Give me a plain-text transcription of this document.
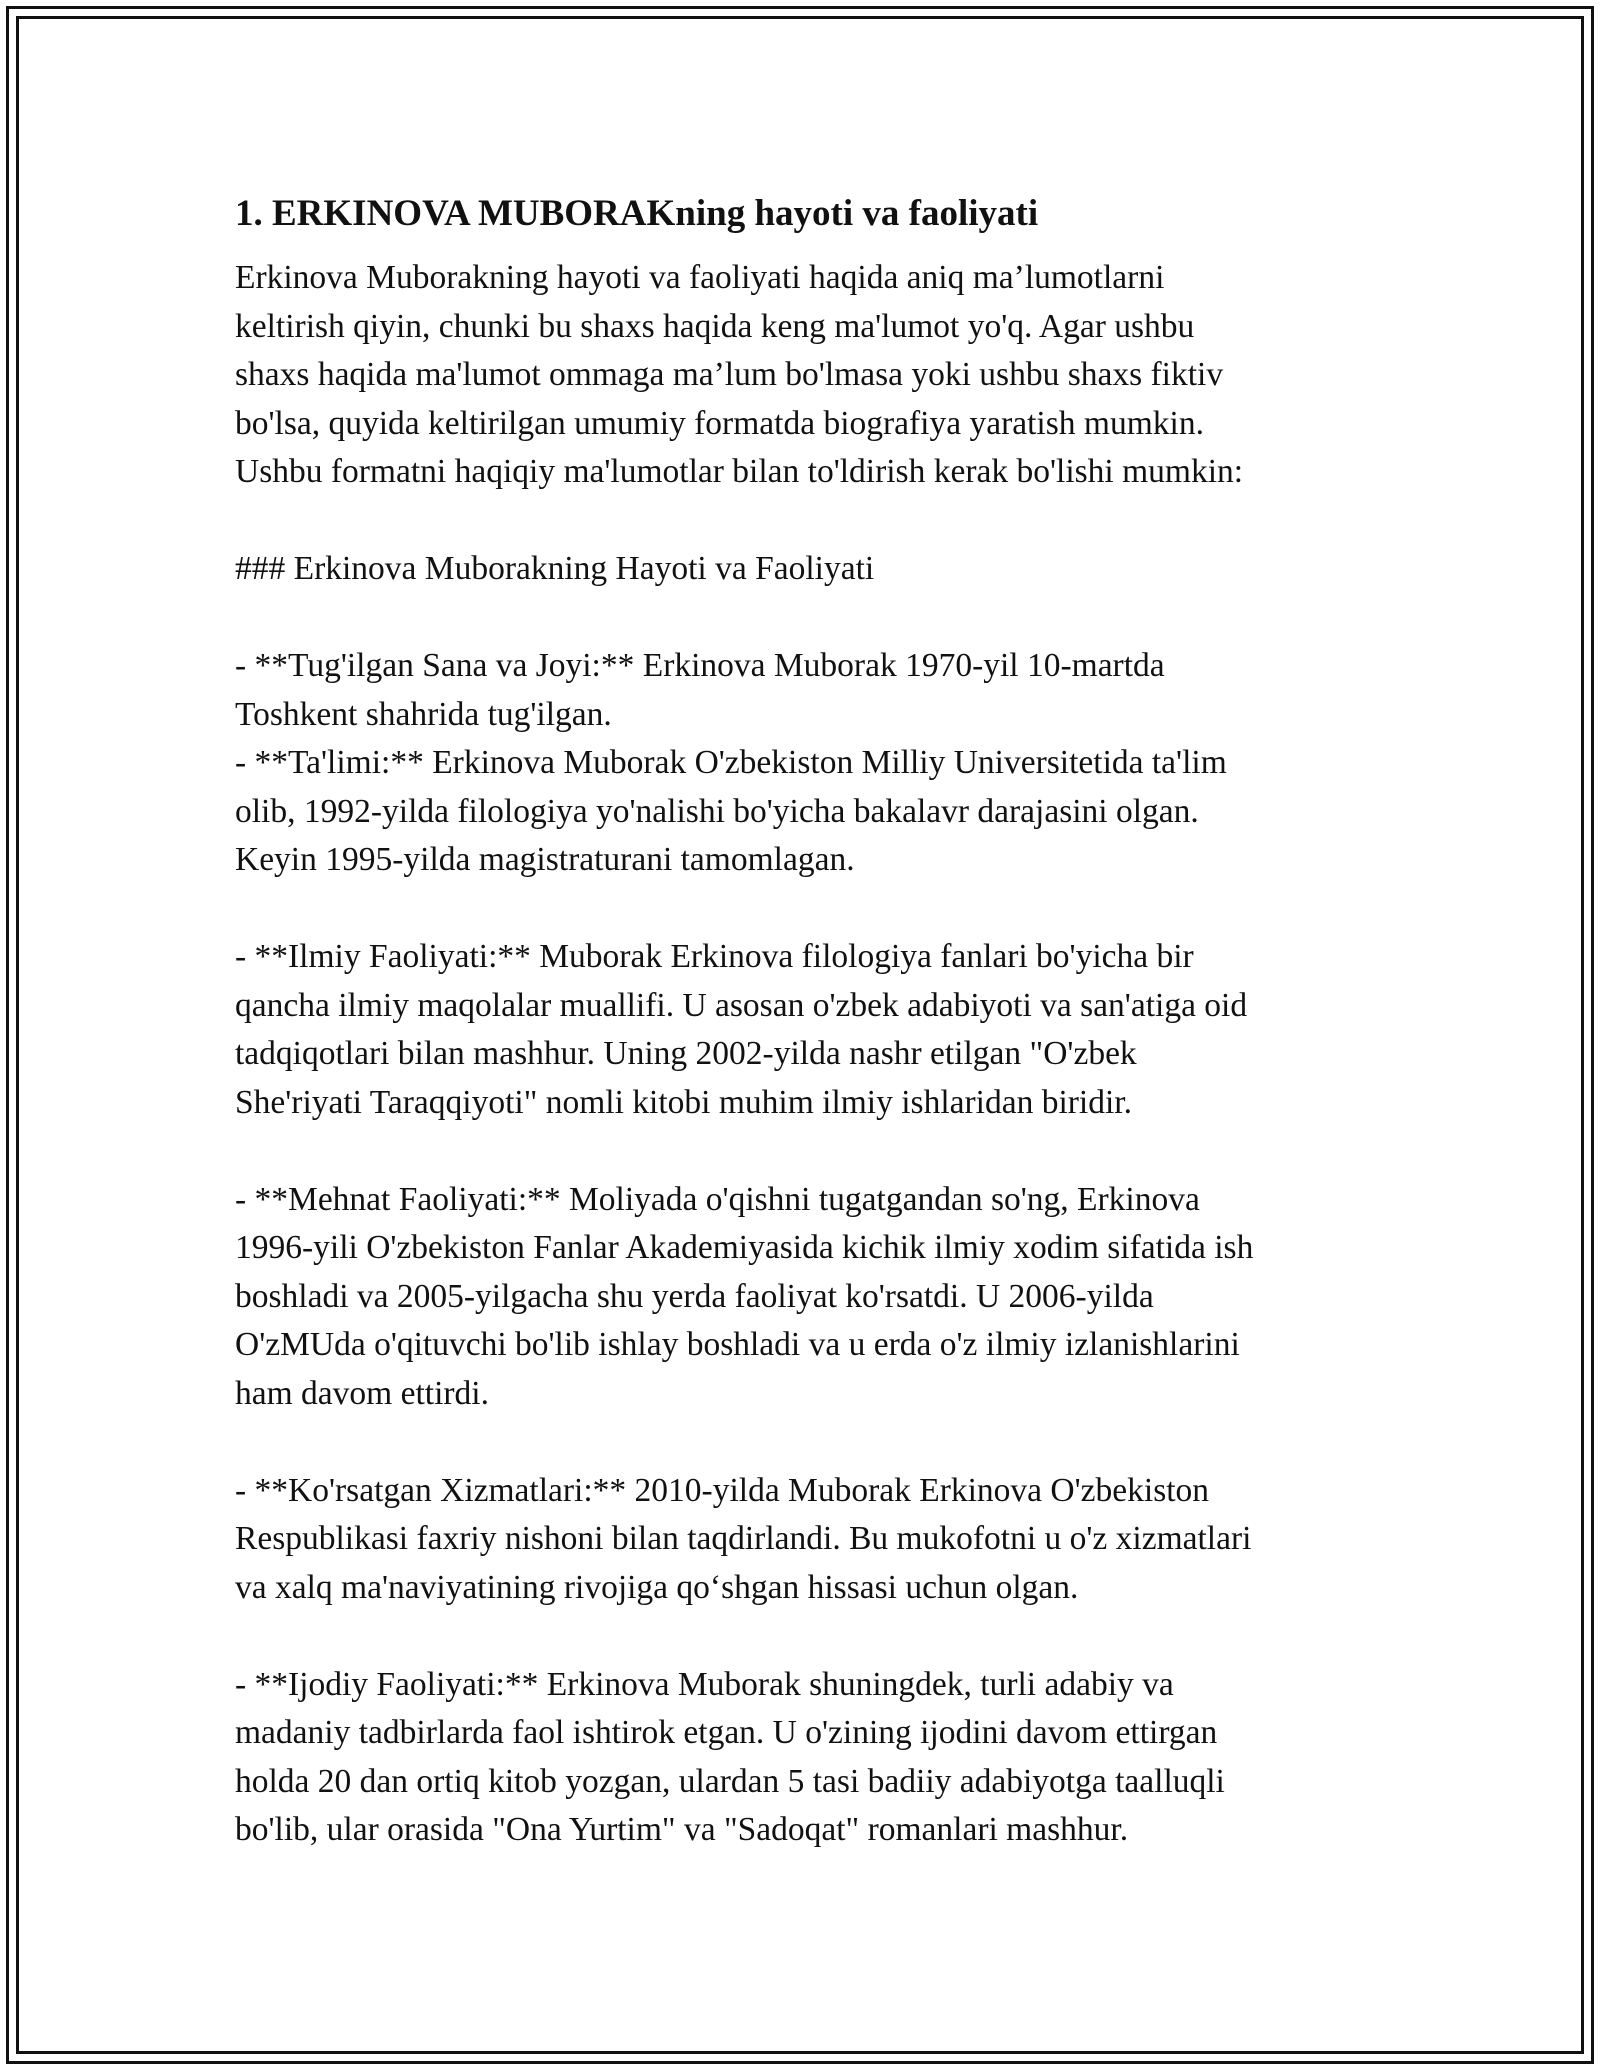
1. ERKINOVA MUBORAKning hayoti va faoliyati
Erkinova Muborakning hayoti va faoliyati haqida aniq ma’lumotlarni
keltirish qiyin, chunki bu shaxs haqida keng ma'lumot yo'q. Agar ushbu
shaxs haqida ma'lumot ommaga ma’lum bo'lmasa yoki ushbu shaxs fiktiv
bo'lsa, quyida keltirilgan umumiy formatda biografiya yaratish mumkin.
Ushbu formatni haqiqiy ma'lumotlar bilan to'ldirish kerak bo'lishi mumkin:
### Erkinova Muborakning Hayoti va Faoliyati
- **Tug'ilgan Sana va Joyi:** Erkinova Muborak 1970-yil 10-martda
Toshkent shahrida tug'ilgan.
- **Ta'limi:** Erkinova Muborak O'zbekiston Milliy Universitetida ta'lim
olib, 1992-yilda filologiya yo'nalishi bo'yicha bakalavr darajasini olgan.
Keyin 1995-yilda magistraturani tamomlagan.
- **Ilmiy Faoliyati:** Muborak Erkinova filologiya fanlari bo'yicha bir
qancha ilmiy maqolalar muallifi. U asosan o'zbek adabiyoti va san'atiga oid
tadqiqotlari bilan mashhur. Uning 2002-yilda nashr etilgan "O'zbek
She'riyati Taraqqiyoti" nomli kitobi muhim ilmiy ishlaridan biridir.
- **Mehnat Faoliyati:** Moliyada o'qishni tugatgandan so'ng, Erkinova
1996-yili O'zbekiston Fanlar Akademiyasida kichik ilmiy xodim sifatida ish
boshladi va 2005-yilgacha shu yerda faoliyat ko'rsatdi. U 2006-yilda
O'zMUda o'qituvchi bo'lib ishlay boshladi va u erda o'z ilmiy izlanishlarini
ham davom ettirdi.
- **Ko'rsatgan Xizmatlari:** 2010-yilda Muborak Erkinova O'zbekiston
Respublikasi faxriy nishoni bilan taqdirlandi. Bu mukofotni u o'z xizmatlari
va xalq ma'naviyatining rivojiga qo‘shgan hissasi uchun olgan.
- **Ijodiy Faoliyati:** Erkinova Muborak shuningdek, turli adabiy va
madaniy tadbirlarda faol ishtirok etgan. U o'zining ijodini davom ettirgan
holda 20 dan ortiq kitob yozgan, ulardan 5 tasi badiiy adabiyotga taalluqli
bo'lib, ular orasida "Ona Yurtim" va "Sadoqat" romanlari mashhur.
